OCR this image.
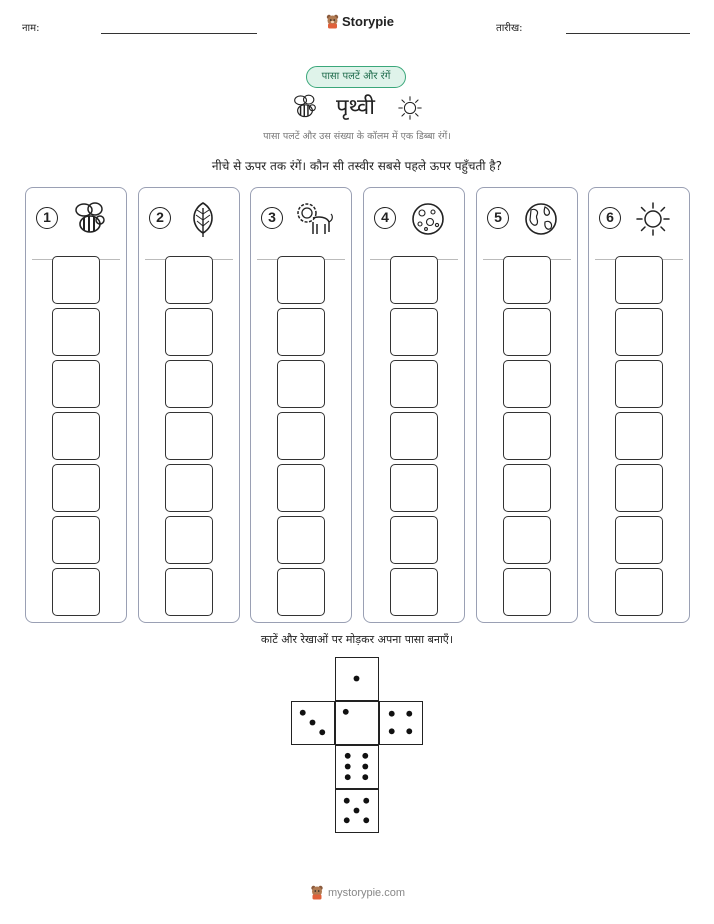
नाम:	Storypie	तारीख:
पासा पलटें और रंगें
पृथ्वी
पासा पलटें और उस संख्या के कॉलम में एक डिब्बा रंगें।
नीचे से ऊपर तक रंगें। कौन सी तस्वीर सबसे पहले ऊपर पहुँचती है?
1	2	3	4	5	6
काटें और रेखाओं पर मोड़कर अपना पासा बनाएँ।
mystorypie.com
